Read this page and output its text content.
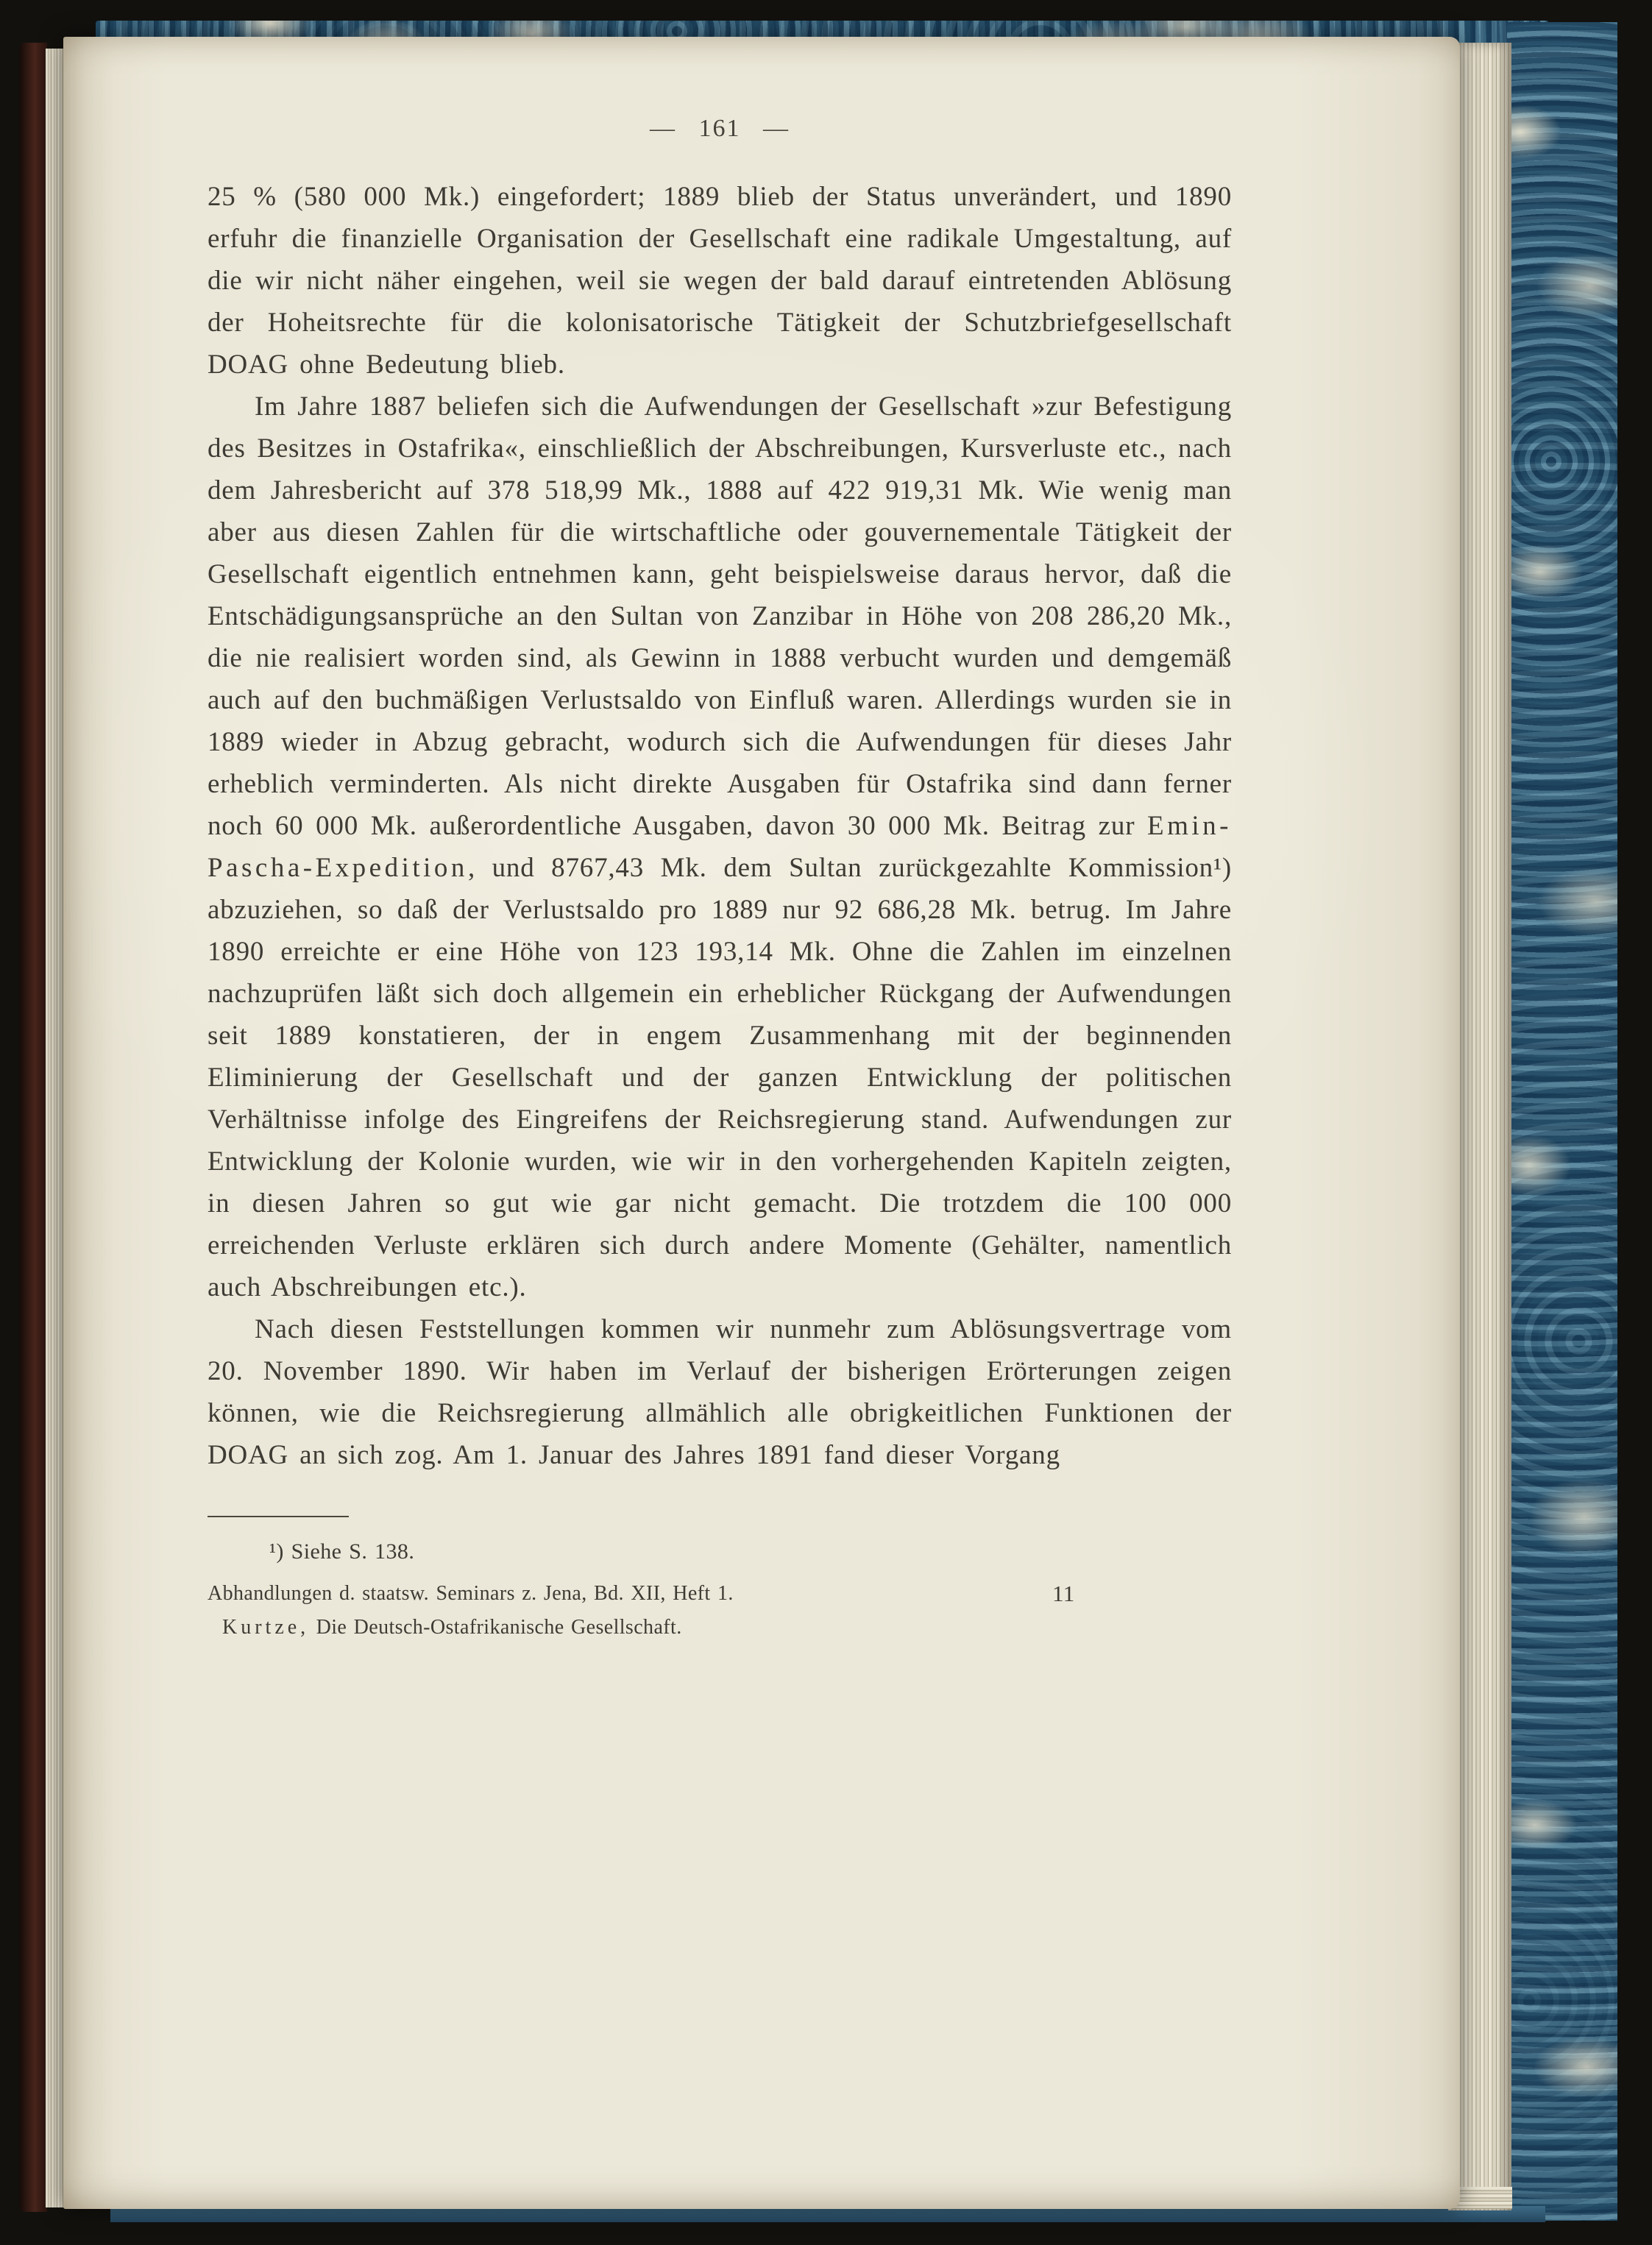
— 161 —

25 % (580 000 Mk.) eingefordert; 1889 blieb der Status unverändert, und 1890 erfuhr die finanzielle Organisation der Gesellschaft eine radikale Umgestaltung, auf die wir nicht näher eingehen, weil sie wegen der bald darauf eintretenden Ablösung der Hoheitsrechte für die kolonisatorische Tätigkeit der Schutzbriefgesellschaft DOAG ohne Bedeutung blieb.

Im Jahre 1887 beliefen sich die Aufwendungen der Gesellschaft »zur Befestigung des Besitzes in Ostafrika«, einschließlich der Abschreibungen, Kursverluste etc., nach dem Jahresbericht auf 378 518,99 Mk., 1888 auf 422 919,31 Mk. Wie wenig man aber aus diesen Zahlen für die wirtschaftliche oder gouvernementale Tätigkeit der Gesellschaft eigentlich entnehmen kann, geht beispielsweise daraus hervor, daß die Entschädigungsansprüche an den Sultan von Zanzibar in Höhe von 208 286,20 Mk., die nie realisiert worden sind, als Gewinn in 1888 verbucht wurden und demgemäß auch auf den buchmäßigen Verlustsaldo von Einfluß waren. Allerdings wurden sie in 1889 wieder in Abzug gebracht, wodurch sich die Aufwendungen für dieses Jahr erheblich verminderten. Als nicht direkte Ausgaben für Ostafrika sind dann ferner noch 60 000 Mk. außerordentliche Ausgaben, davon 30 000 Mk. Beitrag zur Emin-Pascha-Expedition, und 8767,43 Mk. dem Sultan zurückgezahlte Kommission¹) abzuziehen, so daß der Verlustsaldo pro 1889 nur 92 686,28 Mk. betrug. Im Jahre 1890 erreichte er eine Höhe von 123 193,14 Mk. Ohne die Zahlen im einzelnen nachzuprüfen läßt sich doch allgemein ein erheblicher Rückgang der Aufwendungen seit 1889 konstatieren, der in engem Zusammenhang mit der beginnenden Eliminierung der Gesellschaft und der ganzen Entwicklung der politischen Verhältnisse infolge des Eingreifens der Reichsregierung stand. Aufwendungen zur Entwicklung der Kolonie wurden, wie wir in den vorhergehenden Kapiteln zeigten, in diesen Jahren so gut wie gar nicht gemacht. Die trotzdem die 100 000 erreichenden Verluste erklären sich durch andere Momente (Gehälter, namentlich auch Abschreibungen etc.).

Nach diesen Feststellungen kommen wir nunmehr zum Ablösungsvertrage vom 20. November 1890. Wir haben im Verlauf der bisherigen Erörterungen zeigen können, wie die Reichsregierung allmählich alle obrigkeitlichen Funktionen der DOAG an sich zog. Am 1. Januar des Jahres 1891 fand dieser Vorgang

¹) Siehe S. 138.
Abhandlungen d. staatsw. Seminars z. Jena, Bd. XII, Heft 1.	11
Kurtze, Die Deutsch-Ostafrikanische Gesellschaft.
